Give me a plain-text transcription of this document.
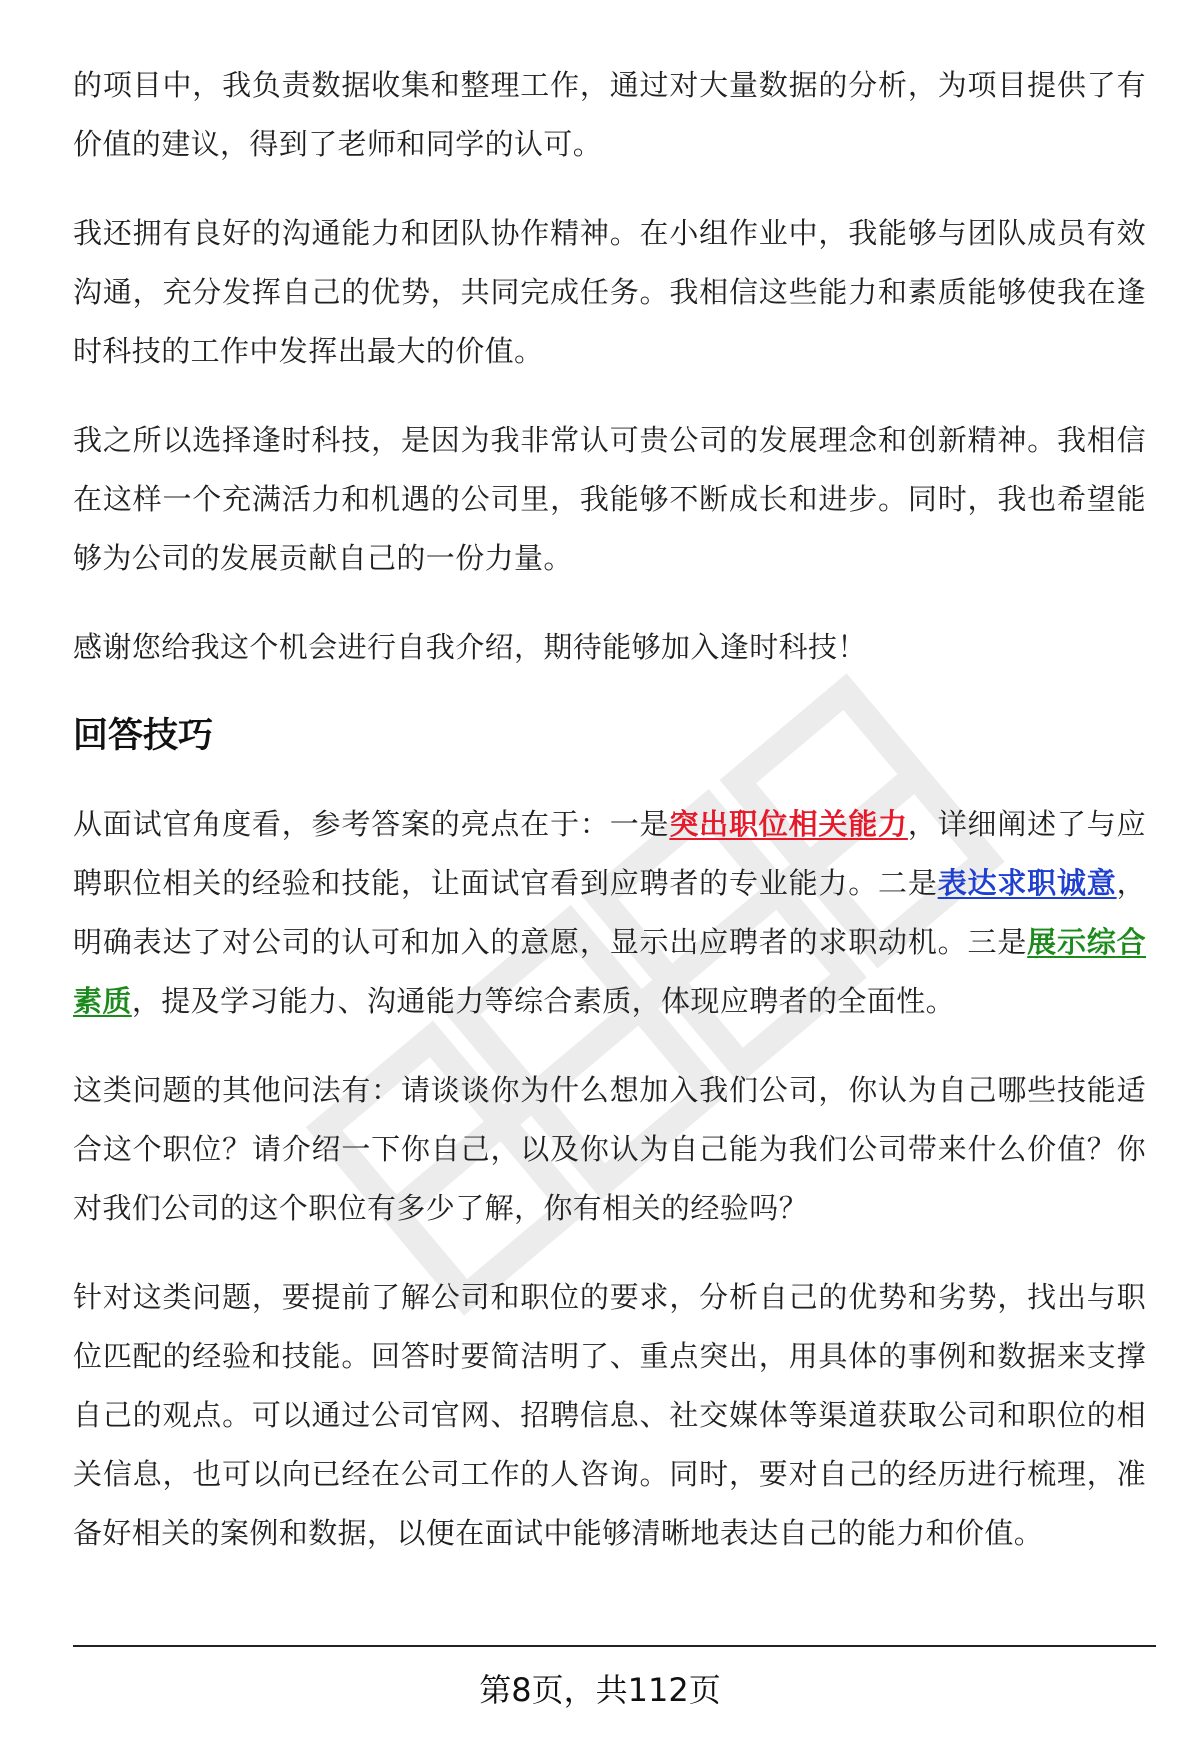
的项目中，我负责数据收集和整理工作，通过对大量数据的分析，为项目提供了有价值的建议，得到了老师和同学的认可。

我还拥有良好的沟通能力和团队协作精神。在小组作业中，我能够与团队成员有效沟通，充分发挥自己的优势，共同完成任务。我相信这些能力和素质能够使我在逢时科技的工作中发挥出最大的价值。

我之所以选择逢时科技，是因为我非常认可贵公司的发展理念和创新精神。我相信在这样一个充满活力和机遇的公司里，我能够不断成长和进步。同时，我也希望能够为公司的发展贡献自己的一份力量。

感谢您给我这个机会进行自我介绍，期待能够加入逢时科技！

回答技巧

从面试官角度看，参考答案的亮点在于：一是突出职位相关能力，详细阐述了与应聘职位相关的经验和技能，让面试官看到应聘者的专业能力。二是表达求职诚意，明确表达了对公司的认可和加入的意愿，显示出应聘者的求职动机。三是展示综合素质，提及学习能力、沟通能力等综合素质，体现应聘者的全面性。

这类问题的其他问法有：请谈谈你为什么想加入我们公司，你认为自己哪些技能适合这个职位？请介绍一下你自己，以及你认为自己能为我们公司带来什么价值？你对我们公司的这个职位有多少了解，你有相关的经验吗？

针对这类问题，要提前了解公司和职位的要求，分析自己的优势和劣势，找出与职位匹配的经验和技能。回答时要简洁明了、重点突出，用具体的事例和数据来支撑自己的观点。可以通过公司官网、招聘信息、社交媒体等渠道获取公司和职位的相关信息，也可以向已经在公司工作的人咨询。同时，要对自己的经历进行梳理，准备好相关的案例和数据，以便在面试中能够清晰地表达自己的能力和价值。

第8页，共112页
